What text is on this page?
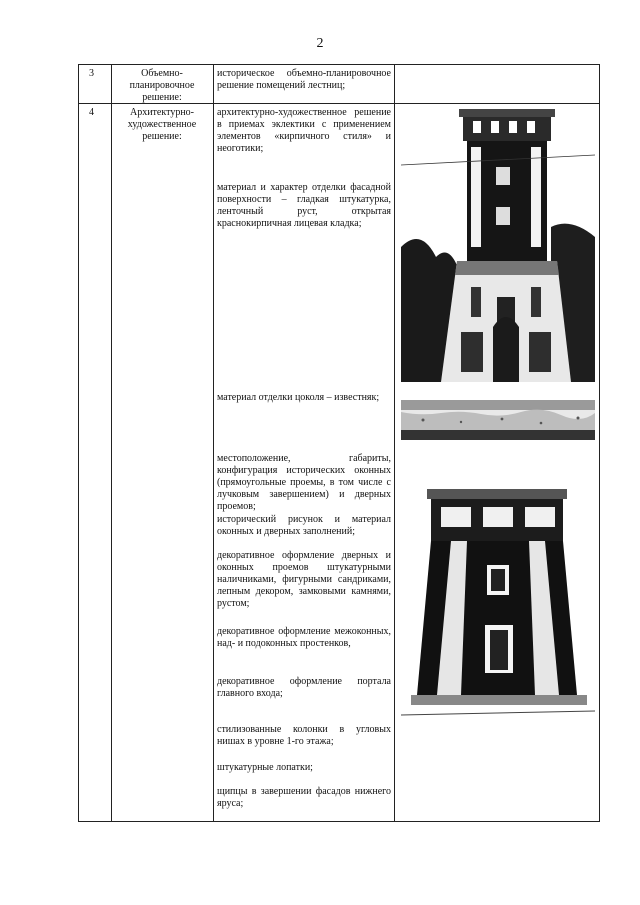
2
3	Объемно-планировочное решение:
историческое объемно-планировочное решение помещений лестниц;
4	Архитектурно-художественное решение:
архитектурно-художественное решение в приемах эклектики с применением элементов «кирпичного стиля» и неоготики;
материал и характер отделки фасадной поверхности – гладкая штукатурка, ленточный руст, открытая краснокирпичная лицевая кладка;
материал отделки цоколя – известняк;
местоположение, габариты, конфигурация исторических оконных (прямоугольные проемы, в том числе с лучковым завершением) и дверных проемов;
исторический рисунок и материал оконных и дверных заполнений;
декоративное оформление дверных и оконных проемов штукатурными наличниками, фигурными сандриками, лепным декором, замковыми камнями, рустом;
декоративное оформление межоконных, над- и подоконных простенков,
декоративное оформление портала главного входа;
стилизованные колонки в угловых нишах в уровне 1-го этажа;
штукатурные лопатки;
щипцы в завершении фасадов нижнего яруса;
